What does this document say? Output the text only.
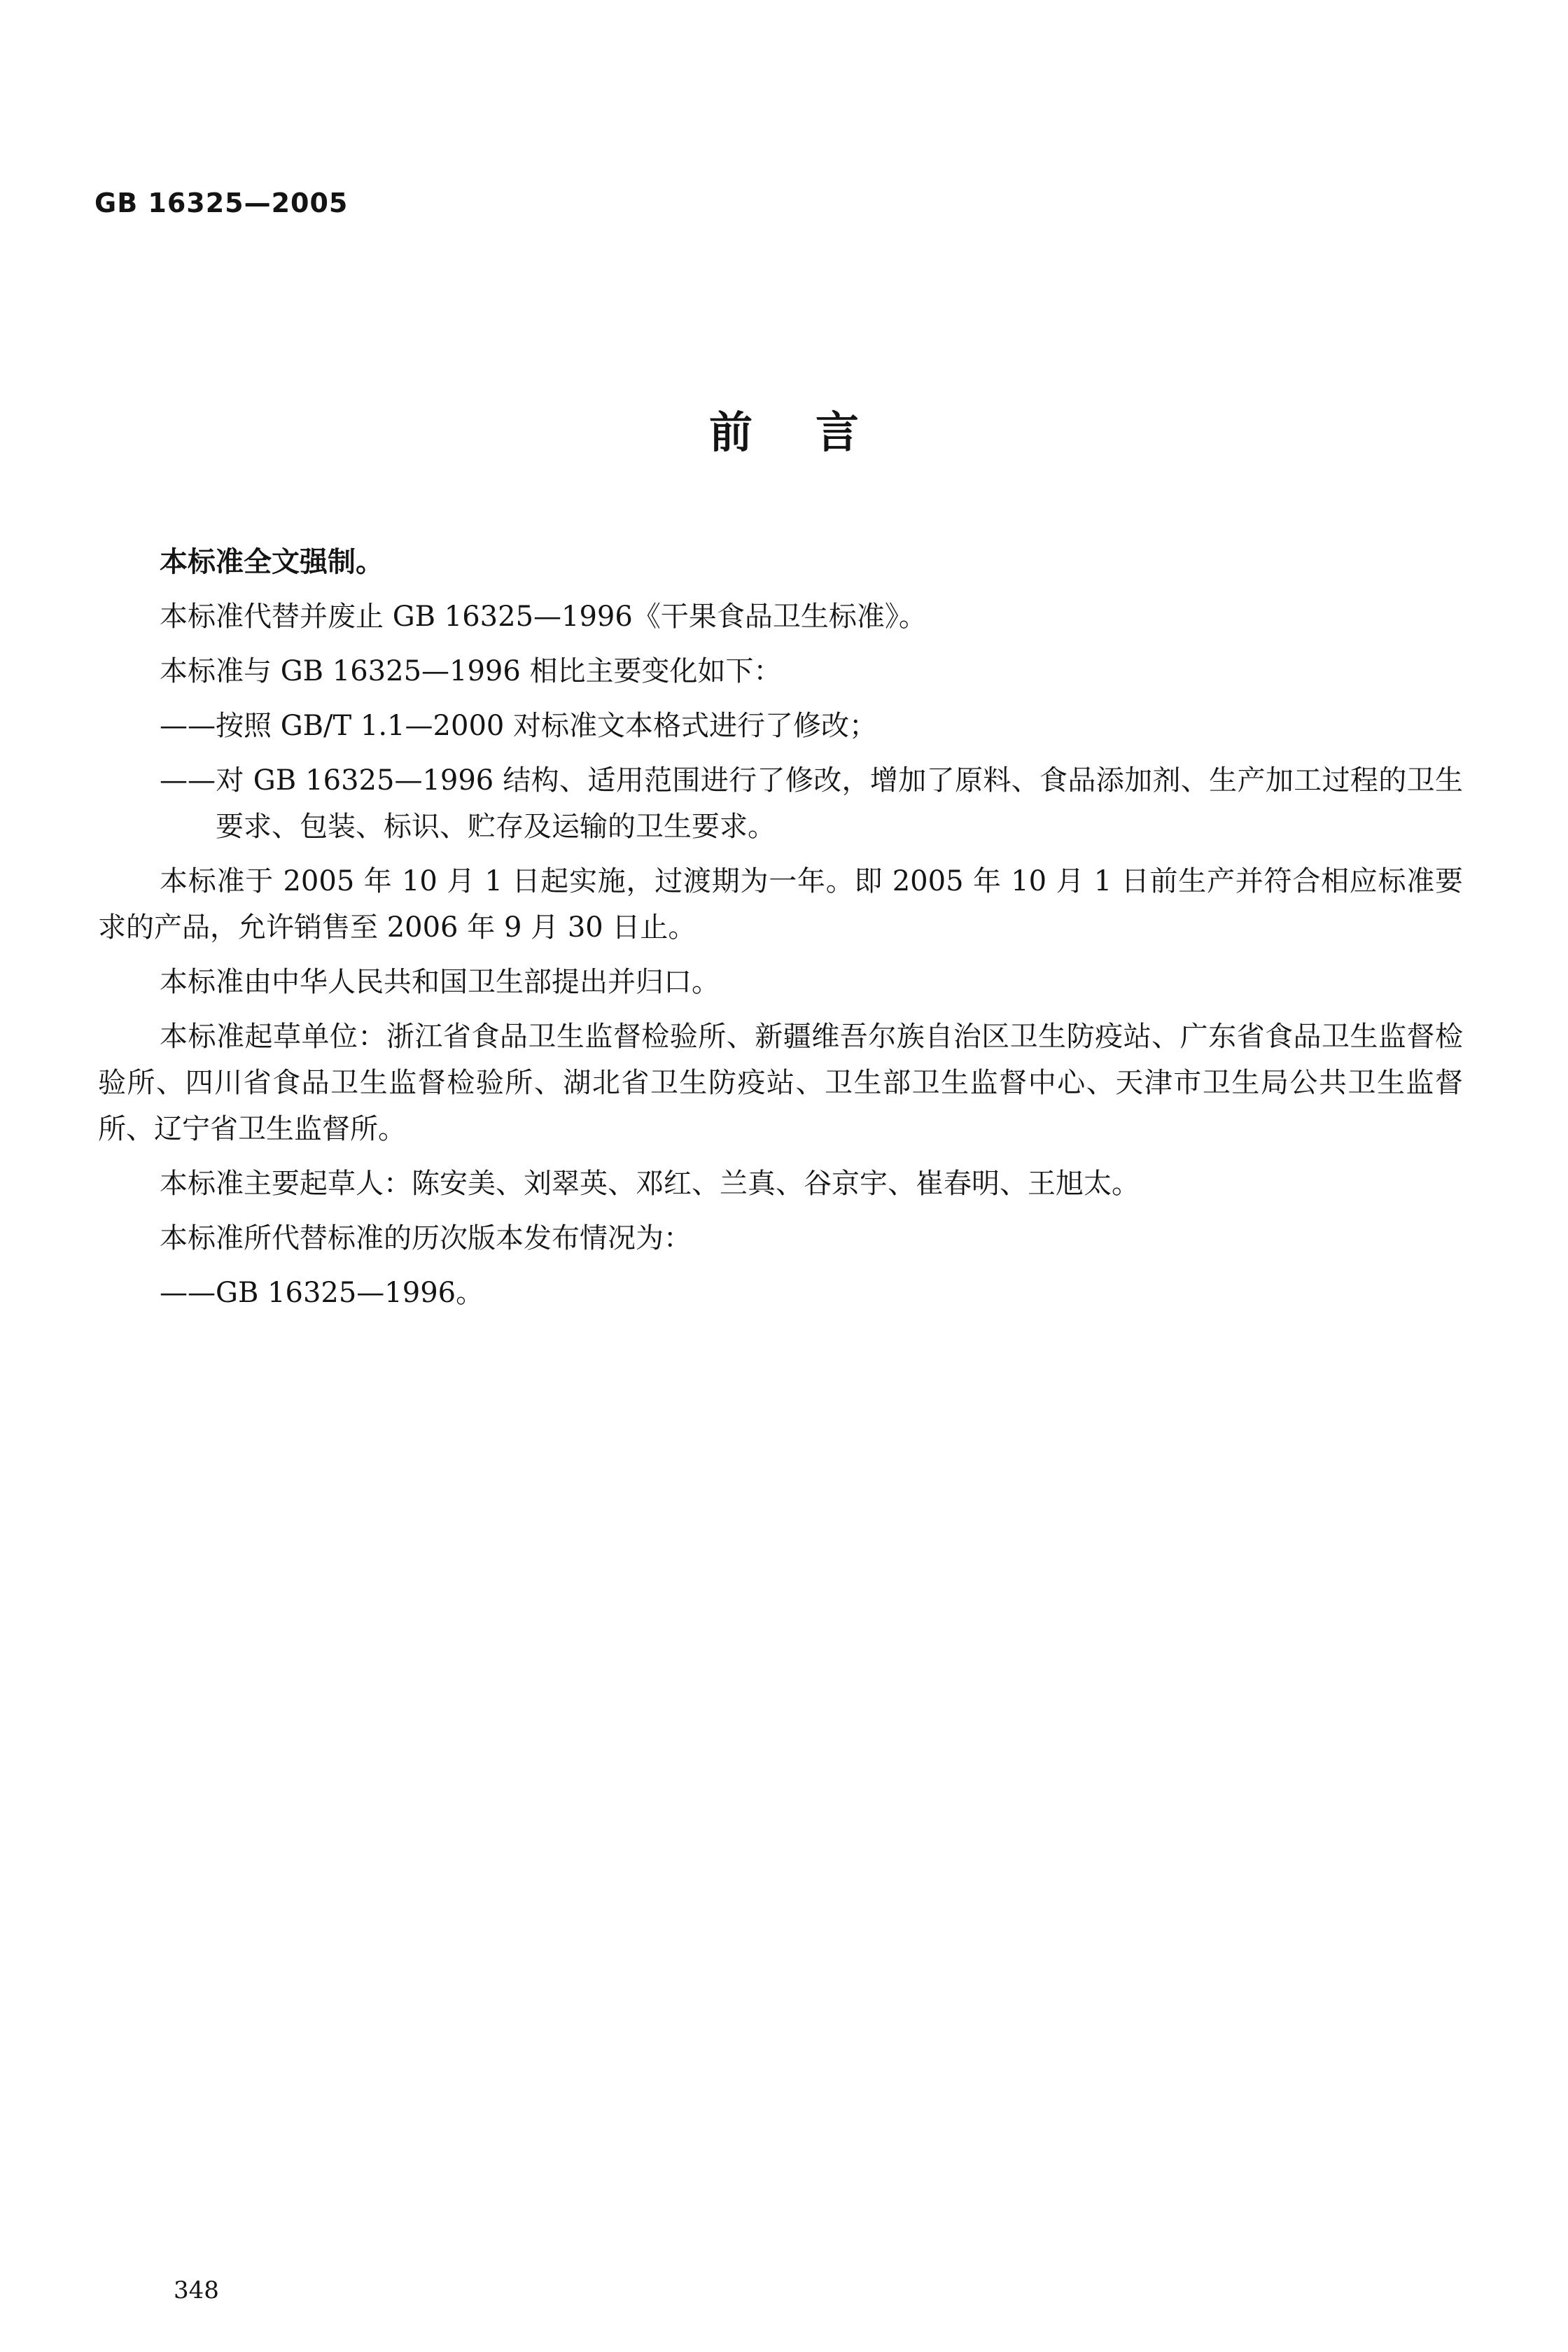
GB 16325—2005
前言

本标准全文强制。

本标准代替并废止 GB 16325—1996《干果食品卫生标准》。

本标准与 GB 16325—1996 相比主要变化如下：

——按照 GB/T 1.1—2000 对标准文本格式进行了修改；

——对 GB 16325—1996 结构、适用范围进行了修改，增加了原料、食品添加剂、生产加工过程的卫生要求、包装、标识、贮存及运输的卫生要求。

本标准于 2005 年 10 月 1 日起实施，过渡期为一年。即 2005 年 10 月 1 日前生产并符合相应标准要求的产品，允许销售至 2006 年 9 月 30 日止。

本标准由中华人民共和国卫生部提出并归口。

本标准起草单位：浙江省食品卫生监督检验所、新疆维吾尔族自治区卫生防疫站、广东省食品卫生监督检验所、四川省食品卫生监督检验所、湖北省卫生防疫站、卫生部卫生监督中心、天津市卫生局公共卫生监督所、辽宁省卫生监督所。

本标准主要起草人：陈安美、刘翠英、邓红、兰真、谷京宇、崔春明、王旭太。

本标准所代替标准的历次版本发布情况为：

——GB 16325—1996。

348
